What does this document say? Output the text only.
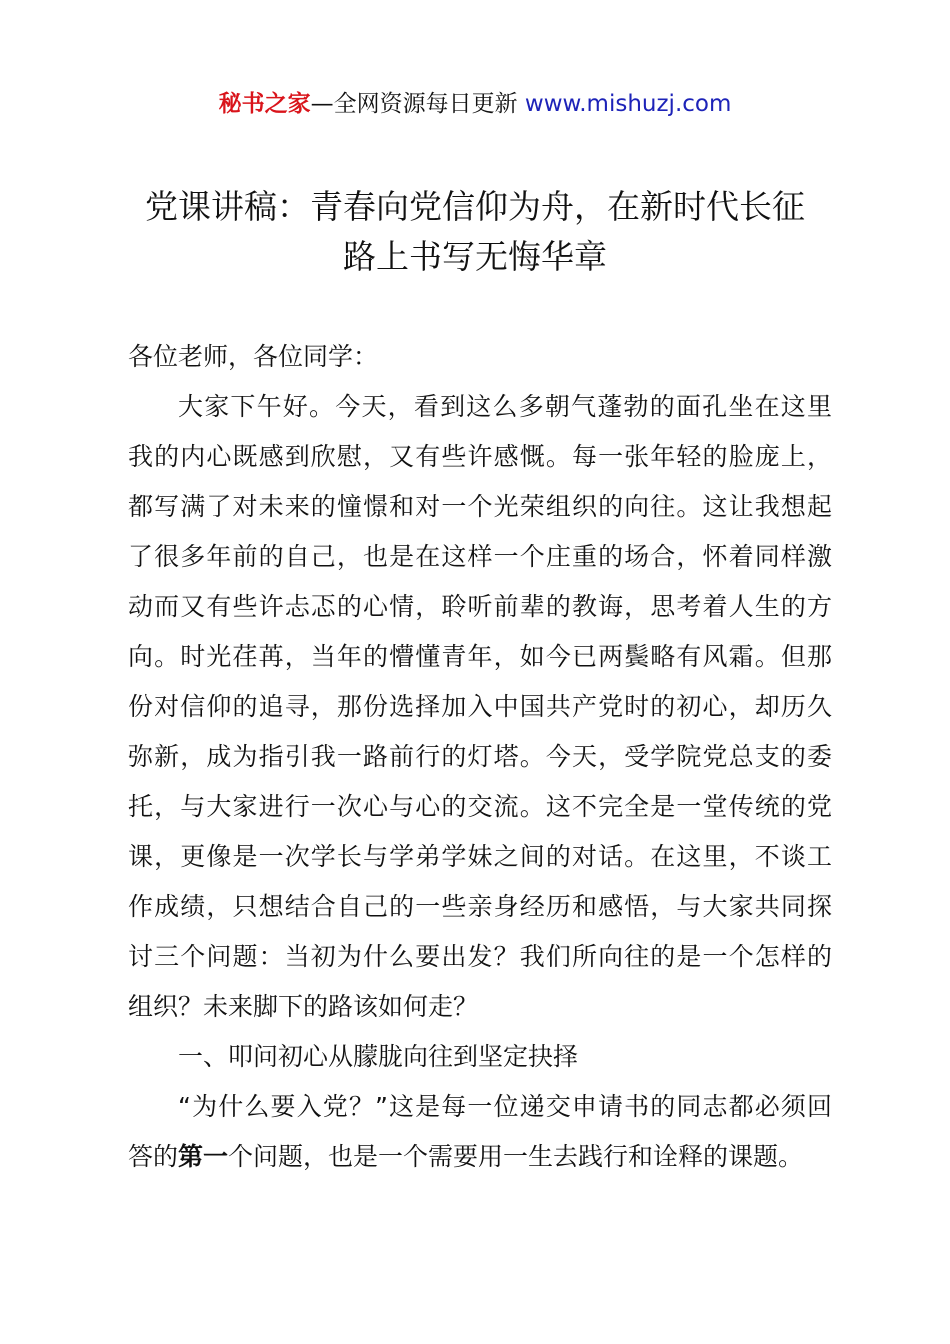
秘书之家—全网资源每日更新 www.mishuzj.com
党课讲稿：青春向党信仰为舟，在新时代长征
路上书写无悔华章

各位老师，各位同学：

大家下午好。今天，看到这么多朝气蓬勃的面孔坐在这里
我的内心既感到欣慰，又有些许感慨。每一张年轻的脸庞上，
都写满了对未来的憧憬和对一个光荣组织的向往。这让我想起
了很多年前的自己，也是在这样一个庄重的场合，怀着同样激
动而又有些许忐忑的心情，聆听前辈的教诲，思考着人生的方
向。时光荏苒，当年的懵懂青年，如今已两鬓略有风霜。但那
份对信仰的追寻，那份选择加入中国共产党时的初心，却历久
弥新，成为指引我一路前行的灯塔。今天，受学院党总支的委
托，与大家进行一次心与心的交流。这不完全是一堂传统的党
课，更像是一次学长与学弟学妹之间的对话。在这里，不谈工
作成绩，只想结合自己的一些亲身经历和感悟，与大家共同探
讨三个问题：当初为什么要出发？我们所向往的是一个怎样的
组织？未来脚下的路该如何走？
一、叩问初心从朦胧向往到坚定抉择
“为什么要入党？”这是每一位递交申请书的同志都必须回
答的第一个问题，也是一个需要用一生去践行和诠释的课题。
